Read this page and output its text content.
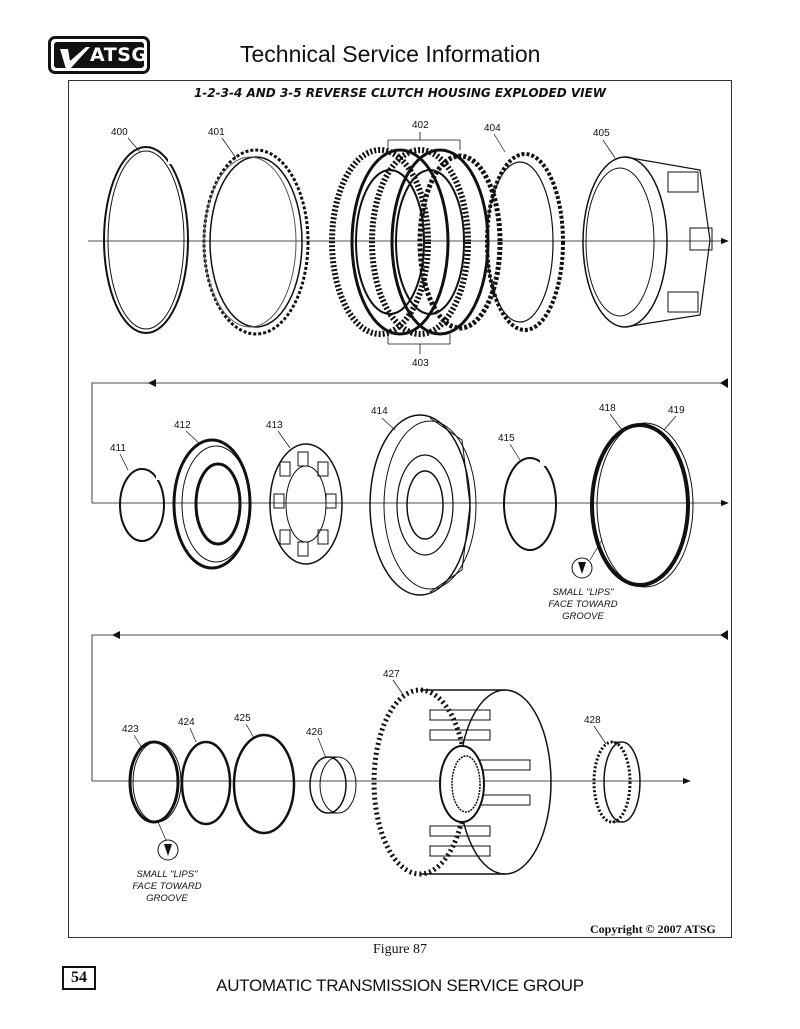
ATSG	Technical Service Information
1-2-3-4 AND 3-5 REVERSE CLUTCH HOUSING EXPLODED VIEW
400	401
402
403
404	405
411
412	413
414
415
418	419
SMALL "LIPS"
FACE TOWARD
GROOVE
423
424	425
426
427
428
SMALL "LIPS"
FACE TOWARD
GROOVE
Copyright © 2007 ATSG
Figure 87
54	AUTOMATIC TRANSMISSION SERVICE GROUP
